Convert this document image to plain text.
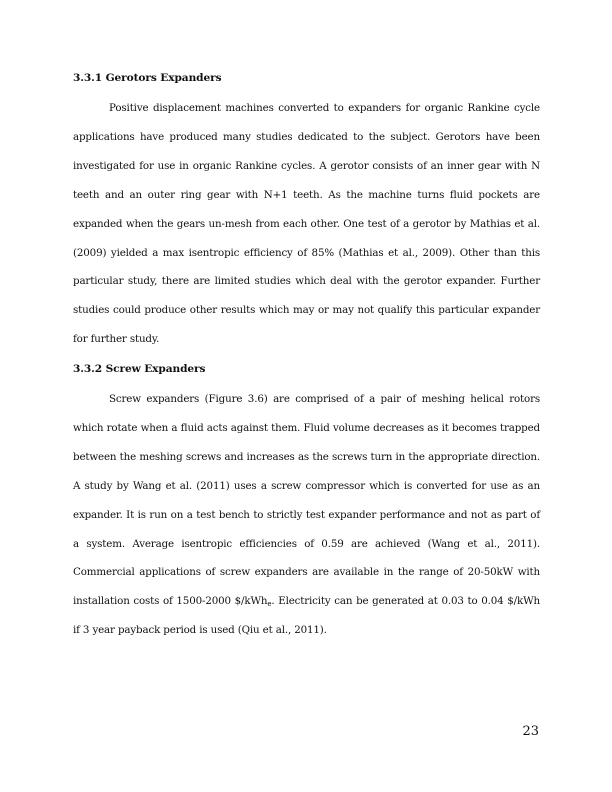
3.3.1 Gerotors Expanders

Positive displacement machines converted to expanders for organic Rankine cycle applications have produced many studies dedicated to the subject. Gerotors have been investigated for use in organic Rankine cycles. A gerotor consists of an inner gear with N teeth and an outer ring gear with N+1 teeth. As the machine turns fluid pockets are expanded when the gears un-mesh from each other. One test of a gerotor by Mathias et al. (2009) yielded a max isentropic efficiency of 85% (Mathias et al., 2009). Other than this particular study, there are limited studies which deal with the gerotor expander. Further studies could produce other results which may or may not qualify this particular expander for further study.

3.3.2 Screw Expanders

Screw expanders (Figure 3.6) are comprised of a pair of meshing helical rotors which rotate when a fluid acts against them. Fluid volume decreases as it becomes trapped between the meshing screws and increases as the screws turn in the appropriate direction. A study by Wang et al. (2011) uses a screw compressor which is converted for use as an expander. It is run on a test bench to strictly test expander performance and not as part of a system. Average isentropic efficiencies of 0.59 are achieved (Wang et al., 2011). Commercial applications of screw expanders are available in the range of 20-50kW with installation costs of 1500-2000 $/kWh$_e$. Electricity can be generated at 0.03 to 0.04 $/kWh if 3 year payback period is used (Qiu et al., 2011).

23
